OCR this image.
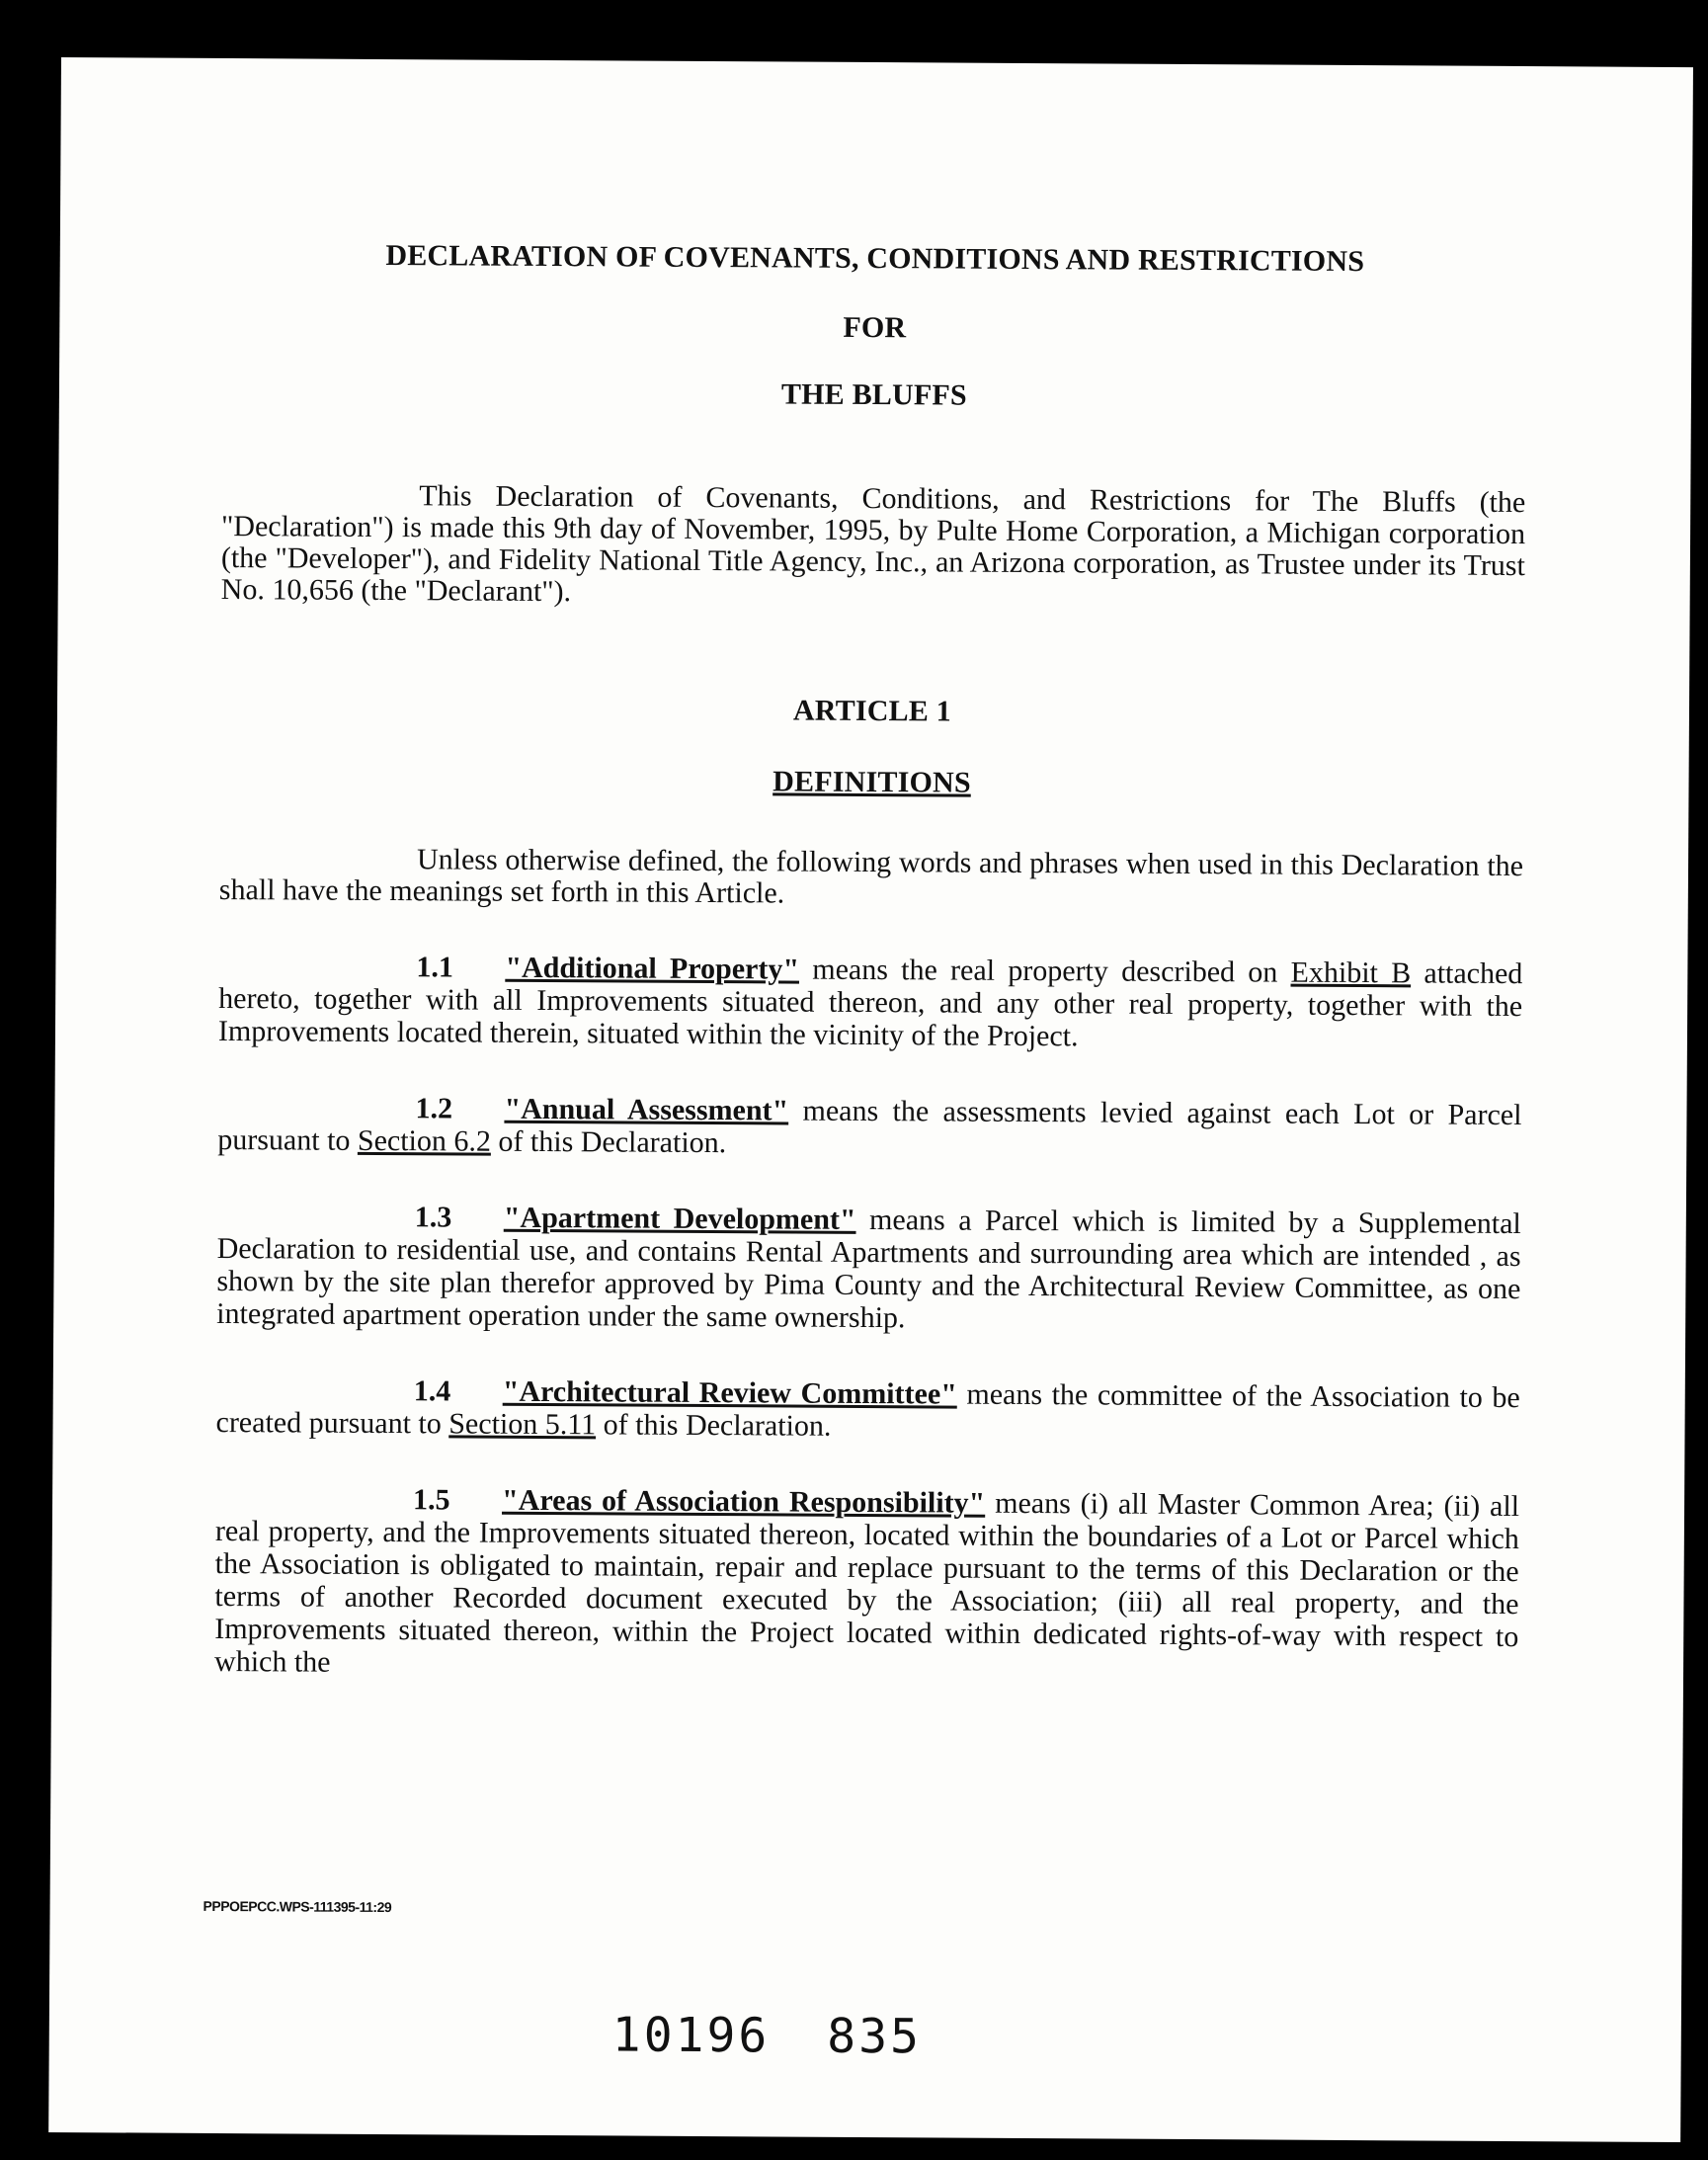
DECLARATION OF COVENANTS, CONDITIONS AND RESTRICTIONS

FOR

THE BLUFFS

This Declaration of Covenants, Conditions, and Restrictions for The Bluffs (the "Declaration") is made this 9th day of November, 1995, by Pulte Home Corporation, a Michigan corporation (the "Developer"), and Fidelity National Title Agency, Inc., an Arizona corporation, as Trustee under its Trust No. 10,656 (the "Declarant").

ARTICLE 1

DEFINITIONS

Unless otherwise defined, the following words and phrases when used in this Declaration the shall have the meanings set forth in this Article.

1.1 "Additional Property" means the real property described on Exhibit B attached hereto, together with all Improvements situated thereon, and any other real property, together with the Improvements located therein, situated within the vicinity of the Project.

1.2 "Annual Assessment" means the assessments levied against each Lot or Parcel pursuant to Section 6.2 of this Declaration.

1.3 "Apartment Development" means a Parcel which is limited by a Supplemental Declaration to residential use, and contains Rental Apartments and surrounding area which are intended , as shown by the site plan therefor approved by Pima County and the Architectural Review Committee, as one integrated apartment operation under the same ownership.

1.4 "Architectural Review Committee" means the committee of the Association to be created pursuant to Section 5.11 of this Declaration.

1.5 "Areas of Association Responsibility" means (i) all Master Common Area; (ii) all real property, and the Improvements situated thereon, located within the boundaries of a Lot or Parcel which the Association is obligated to maintain, repair and replace pursuant to the terms of this Declaration or the terms of another Recorded document executed by the Association; (iii) all real property, and the Improvements situated thereon, within the Project located within dedicated rights-of-way with respect to which the

PPPOEPCC.WPS-111395-11:29
10196 835
